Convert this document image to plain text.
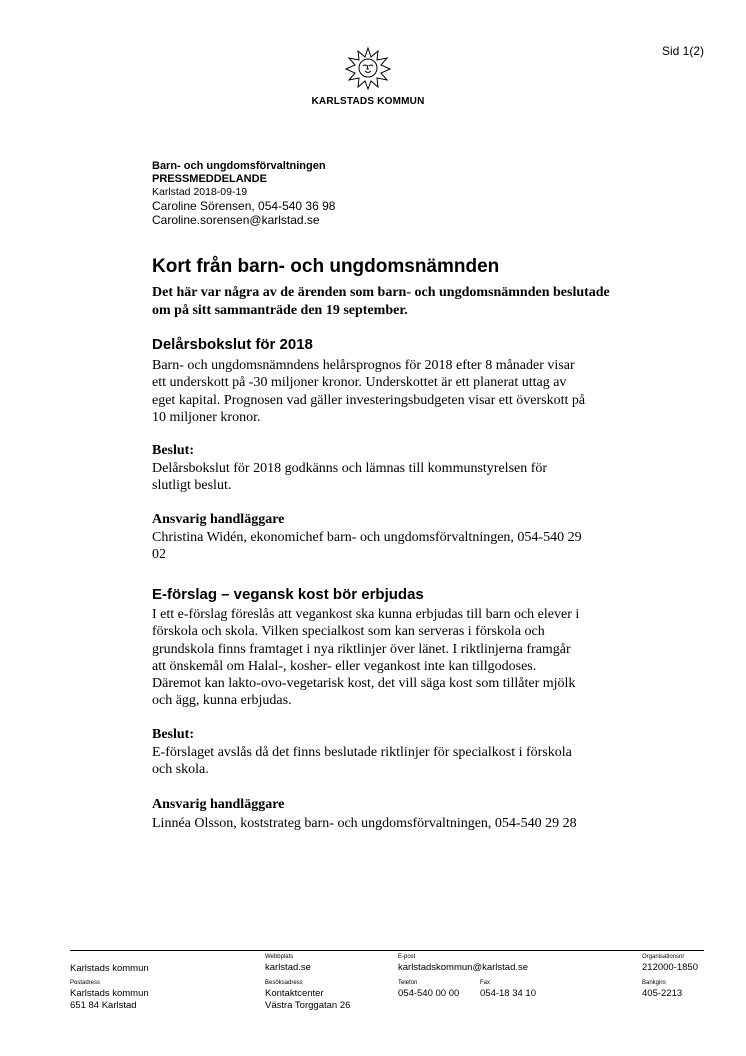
Sid 1(2)
KARLSTADS KOMMUN
Barn- och ungdomsförvaltningen
PRESSMEDDELANDE
Karlstad 2018-09-19
Caroline Sörensen, 054-540 36 98
Caroline.sorensen@karlstad.se
Kort från barn- och ungdomsnämnden
Det här var några av de ärenden som barn- och ungdomsnämnden beslutade om på sitt sammanträde den 19 september.
Delårsbokslut för 2018
Barn- och ungdomsnämndens helårsprognos för 2018 efter 8 månader visar
ett underskott på -30 miljoner kronor. Underskottet är ett planerat uttag av
eget kapital. Prognosen vad gäller investeringsbudgeten visar ett överskott på
10 miljoner kronor.
Beslut:
Delårsbokslut för 2018 godkänns och lämnas till kommunstyrelsen för
slutligt beslut.
Ansvarig handläggare
Christina Widén, ekonomichef barn- och ungdomsförvaltningen, 054-540 29
02
E-förslag – vegansk kost bör erbjudas
I ett e-förslag föreslås att vegankost ska kunna erbjudas till barn och elever i
förskola och skola. Vilken specialkost som kan serveras i förskola och
grundskola finns framtaget i nya riktlinjer över länet. I riktlinjerna framgår
att önskemål om Halal-, kosher- eller vegankost inte kan tillgodoses.
Däremot kan lakto-ovo-vegetarisk kost, det vill säga kost som tillåter mjölk
och ägg, kunna erbjudas.
Beslut:
E-förslaget avslås då det finns beslutade riktlinjer för specialkost i förskola
och skola.
Ansvarig handläggare
Linnéa Olsson, koststrateg barn- och ungdomsförvaltningen, 054-540 29 28
Karlstads kommun
Webbplats
karlstad.se
E-post
karlstadskommun@karlstad.se
Organisationsnr
212000-1850
Postadress
Karlstads kommun
651 84 Karlstad
Besöksadress
Kontaktcenter
Västra Torggatan 26
Telefon
054-540 00 00
Fax
054-18 34 10
Bankgiro
405-2213
